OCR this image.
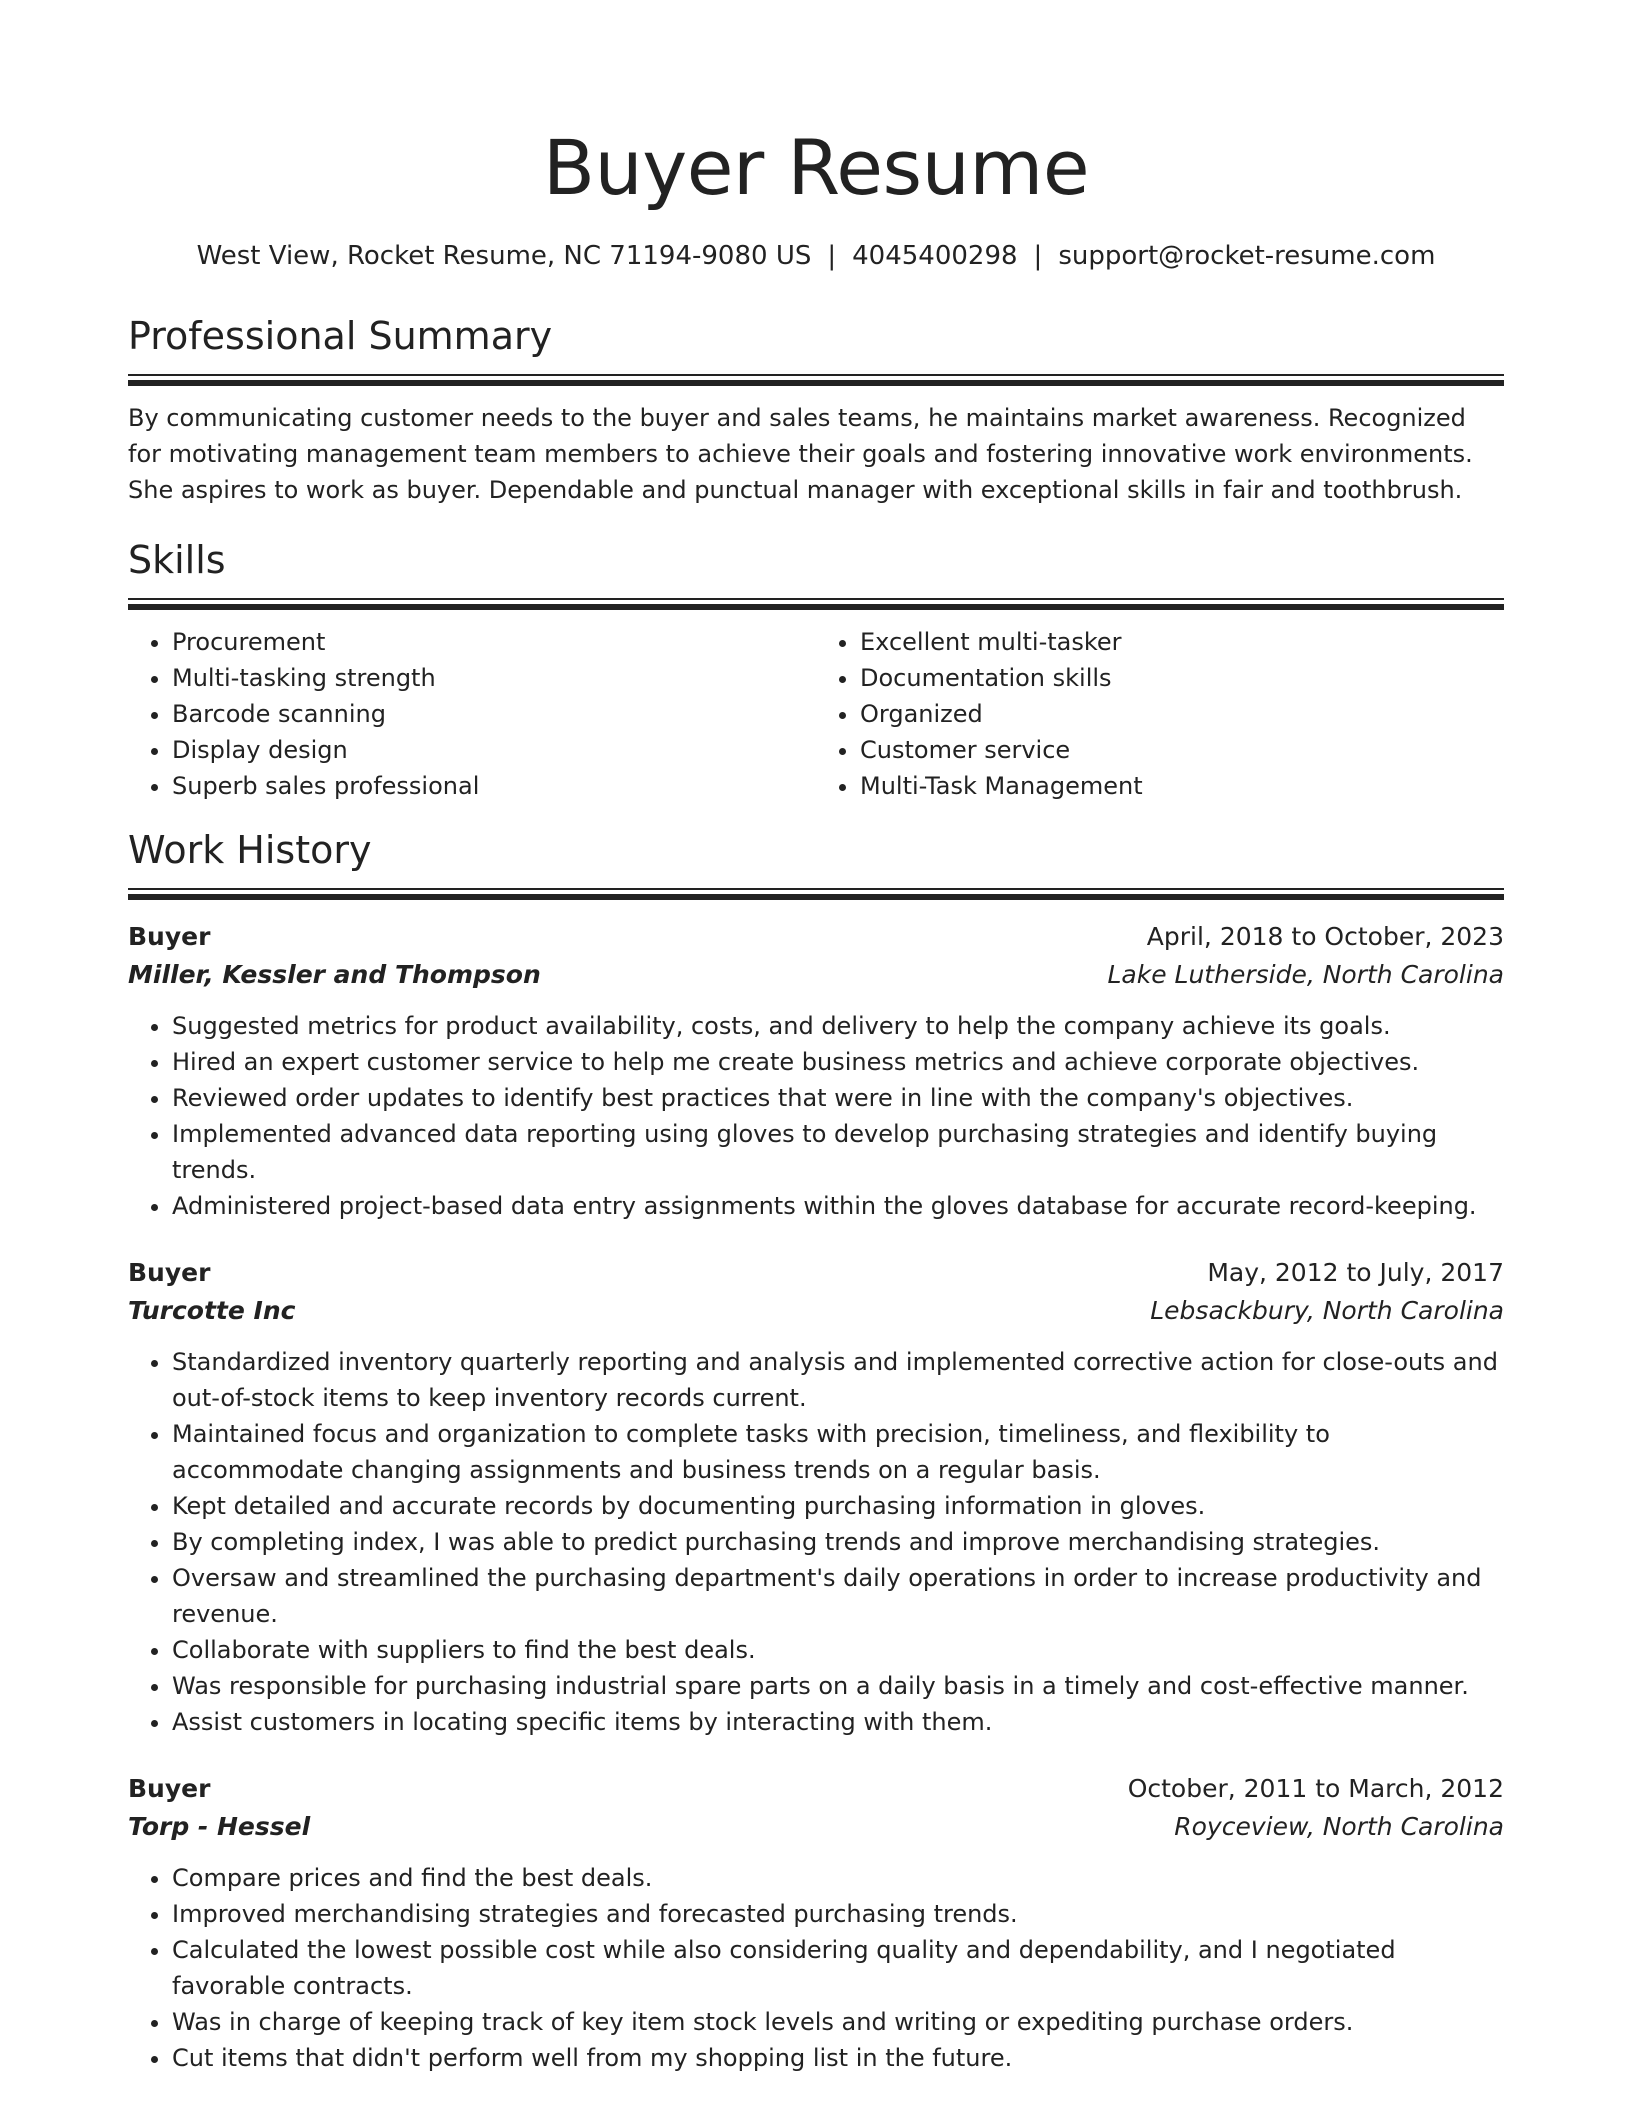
Buyer Resume
West View, Rocket Resume, NC 71194-9080 US | 4045400298 | support@rocket-resume.com
Professional Summary

By communicating customer needs to the buyer and sales teams, he maintains market awareness. Recognized for motivating management team members to achieve their goals and fostering innovative work environments. She aspires to work as buyer. Dependable and punctual manager with exceptional skills in fair and toothbrush.

Skills
• Procurement
• Multi-tasking strength
• Barcode scanning
• Display design
• Superb sales professional
• Excellent multi-tasker
• Documentation skills
• Organized
• Customer service
• Multi-Task Management
Work History
Buyer	April, 2018 to October, 2023
Miller, Kessler and Thompson	Lake Lutherside, North Carolina
• Suggested metrics for product availability, costs, and delivery to help the company achieve its goals.
• Hired an expert customer service to help me create business metrics and achieve corporate objectives.
• Reviewed order updates to identify best practices that were in line with the company's objectives.
• Implemented advanced data reporting using gloves to develop purchasing strategies and identify buying trends.
• Administered project-based data entry assignments within the gloves database for accurate record-keeping.
Buyer	May, 2012 to July, 2017
Turcotte Inc	Lebsackbury, North Carolina
• Standardized inventory quarterly reporting and analysis and implemented corrective action for close-outs and out-of-stock items to keep inventory records current.
• Maintained focus and organization to complete tasks with precision, timeliness, and flexibility to accommodate changing assignments and business trends on a regular basis.
• Kept detailed and accurate records by documenting purchasing information in gloves.
• By completing index, I was able to predict purchasing trends and improve merchandising strategies.
• Oversaw and streamlined the purchasing department's daily operations in order to increase productivity and revenue.
• Collaborate with suppliers to find the best deals.
• Was responsible for purchasing industrial spare parts on a daily basis in a timely and cost-effective manner.
• Assist customers in locating specific items by interacting with them.
Buyer	October, 2011 to March, 2012
Torp - Hessel	Royceview, North Carolina
• Compare prices and find the best deals.
• Improved merchandising strategies and forecasted purchasing trends.
• Calculated the lowest possible cost while also considering quality and dependability, and I negotiated favorable contracts.
• Was in charge of keeping track of key item stock levels and writing or expediting purchase orders.
• Cut items that didn't perform well from my shopping list in the future.
